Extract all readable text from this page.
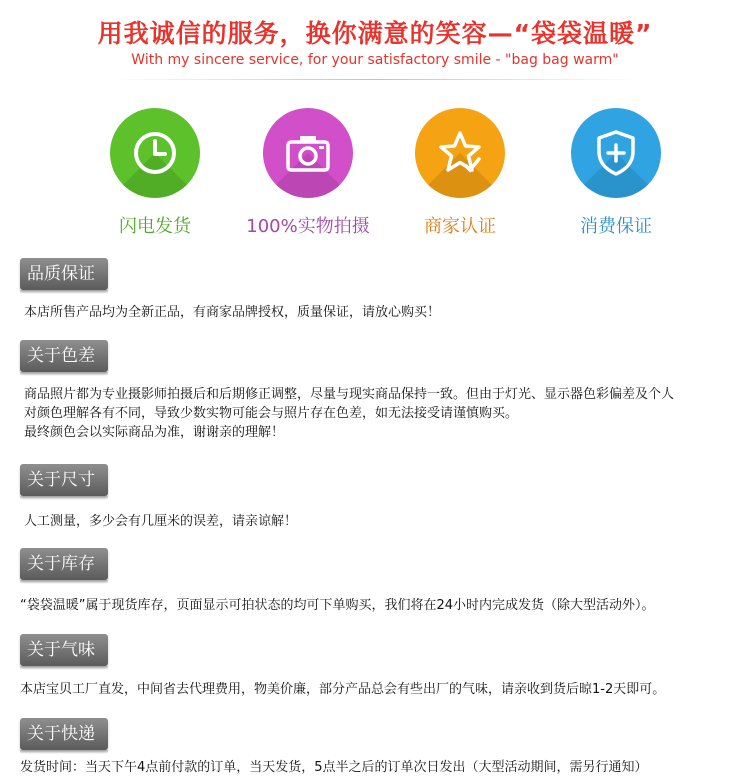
用我诚信的服务，换你满意的笑容—“袋袋温暖”
With my sincere service, for your satisfactory smile - "bag bag warm"
闪电发货	100%实物拍摄	商家认证	消费保证
品质保证

本店所售产品均为全新正品，有商家品牌授权，质量保证，请放心购买！

关于色差

商品照片都为专业摄影师拍摄后和后期修正调整，尽量与现实商品保持一致。但由于灯光、显示器色彩偏差及个人

对颜色理解各有不同，导致少数实物可能会与照片存在色差，如无法接受请谨慎购买。

最终颜色会以实际商品为准，谢谢亲的理解！

关于尺寸

人工测量，多少会有几厘米的误差，请亲谅解！

关于库存

“袋袋温暖”属于现货库存，页面显示可拍状态的均可下单购买，我们将在24小时内完成发货（除大型活动外）。

关于气味

本店宝贝工厂直发，中间省去代理费用，物美价廉，部分产品总会有些出厂的气味，请亲收到货后晾1-2天即可。

关于快递

发货时间：当天下午4点前付款的订单，当天发货，5点半之后的订单次日发出（大型活动期间，需另行通知）
